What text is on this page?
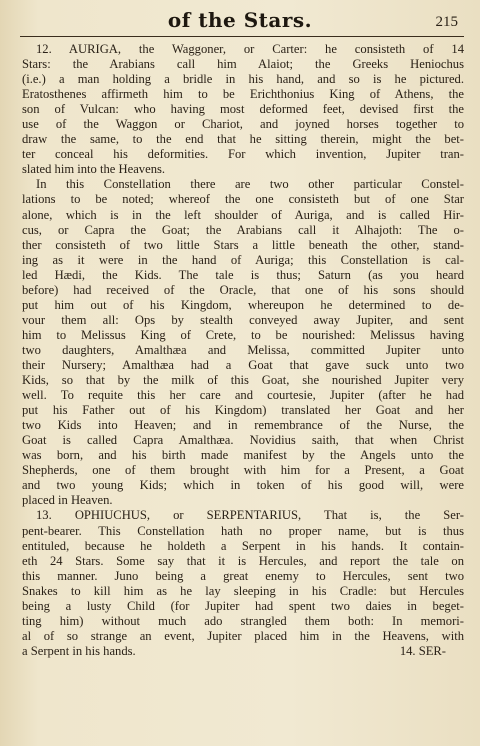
of the Stars.	215
12. AURIGA, the Waggoner, or Carter: he consisteth of 14
Stars: the Arabians call him Alaiot; the Greeks Heniochus
(i.e.) a man holding a bridle in his hand, and so is he pictured.
Eratosthenes affirmeth him to be Erichthonius King of Athens, the
son of Vulcan: who having most deformed feet, devised first the
use of the Waggon or Chariot, and joyned horses together to
draw the same, to the end that he sitting therein, might the bet-
ter conceal his deformities. For which invention, Jupiter tran-
slated him into the Heavens.
In this Constellation there are two other particular Constel-
lations to be noted; whereof the one consisteth but of one Star
alone, which is in the left shoulder of Auriga, and is called Hir-
cus, or Capra the Goat; the Arabians call it Alhajoth: The o-
ther consisteth of two little Stars a little beneath the other, stand-
ing as it were in the hand of Auriga; this Constellation is cal-
led Hædi, the Kids. The tale is thus; Saturn (as you heard
before) had received of the Oracle, that one of his sons should
put him out of his Kingdom, whereupon he determined to de-
vour them all: Ops by stealth conveyed away Jupiter, and sent
him to Melissus King of Crete, to be nourished: Melissus having
two daughters, Amalthæa and Melissa, committed Jupiter unto
their Nursery; Amalthæa had a Goat that gave suck unto two
Kids, so that by the milk of this Goat, she nourished Jupiter very
well. To requite this her care and courtesie, Jupiter (after he had
put his Father out of his Kingdom) translated her Goat and her
two Kids into Heaven; and in remembrance of the Nurse, the
Goat is called Capra Amalthæa. Novidius saith, that when Christ
was born, and his birth made manifest by the Angels unto the
Shepherds, one of them brought with him for a Present, a Goat
and two young Kids; which in token of his good will, were
placed in Heaven.
13. OPHIUCHUS, or SERPENTARIUS, That is, the Ser-
pent-bearer. This Constellation hath no proper name, but is thus
entituled, because he holdeth a Serpent in his hands. It contain-
eth 24 Stars. Some say that it is Hercules, and report the tale on
this manner. Juno being a great enemy to Hercules, sent two
Snakes to kill him as he lay sleeping in his Cradle: but Hercules
being a lusty Child (for Jupiter had spent two daies in beget-
ting him) without much ado strangled them both: In memori-
al of so strange an event, Jupiter placed him in the Heavens, with
a Serpent in his hands.	14. SER-
